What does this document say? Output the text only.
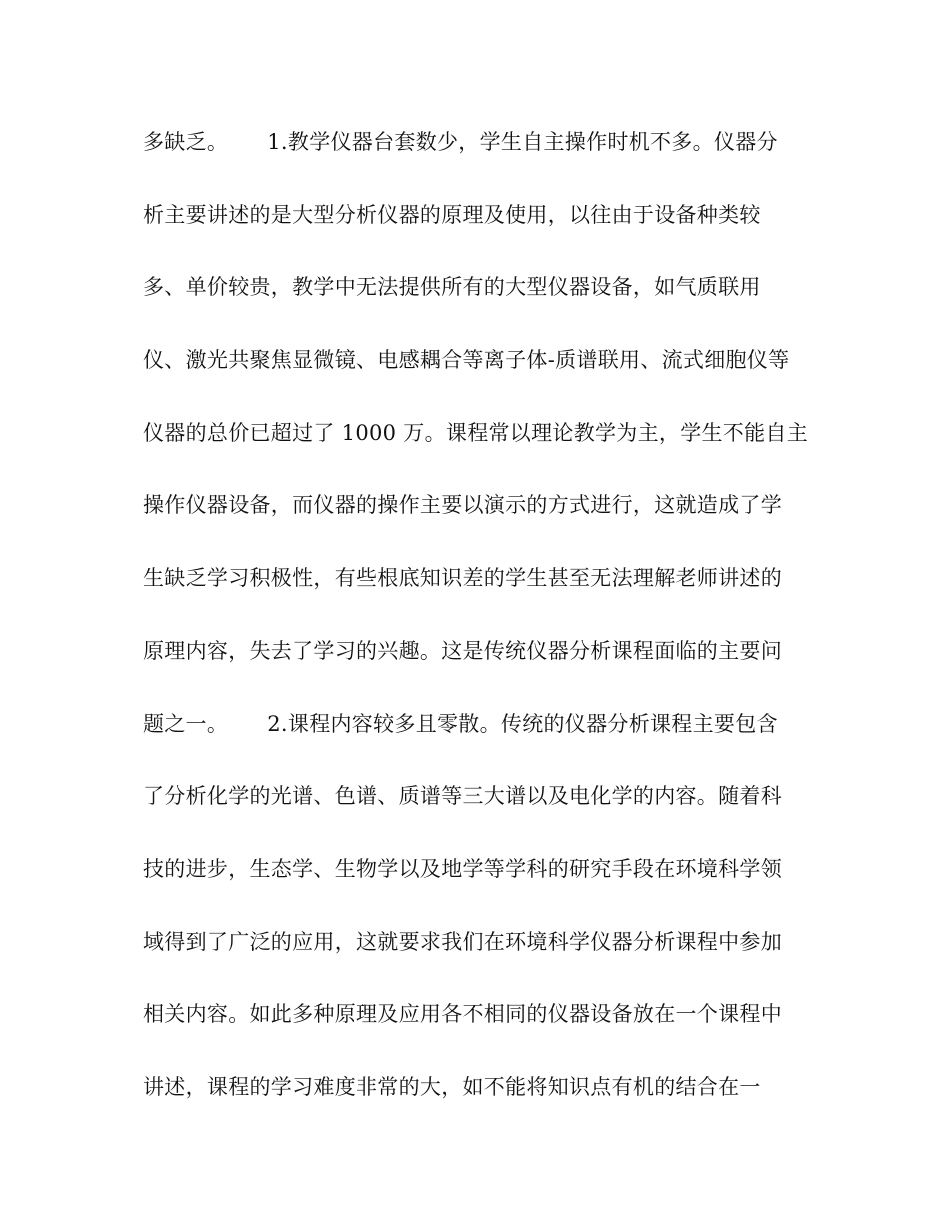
多缺乏。　　 1.教学仪器台套数少，学生自主操作时机不多。仪器分
析主要讲述的是大型分析仪器的原理及使用，以往由于设备种类较
多、单价较贵，教学中无法提供所有的大型仪器设备，如气质联用
仪、激光共聚焦显微镜、电感耦合等离子体-质谱联用、流式细胞仪等
仪器的总价已超过了 1000 万。课程常以理论教学为主，学生不能自主
操作仪器设备，而仪器的操作主要以演示的方式进行，这就造成了学
生缺乏学习积极性，有些根底知识差的学生甚至无法理解老师讲述的
原理内容，失去了学习的兴趣。这是传统仪器分析课程面临的主要问
题之一。　　 2.课程内容较多且零散。传统的仪器分析课程主要包含
了分析化学的光谱、色谱、质谱等三大谱以及电化学的内容。随着科
技的进步，生态学、生物学以及地学等学科的研究手段在环境科学领
域得到了广泛的应用，这就要求我们在环境科学仪器分析课程中参加
相关内容。如此多种原理及应用各不相同的仪器设备放在一个课程中
讲述，课程的学习难度非常的大，如不能将知识点有机的结合在一
